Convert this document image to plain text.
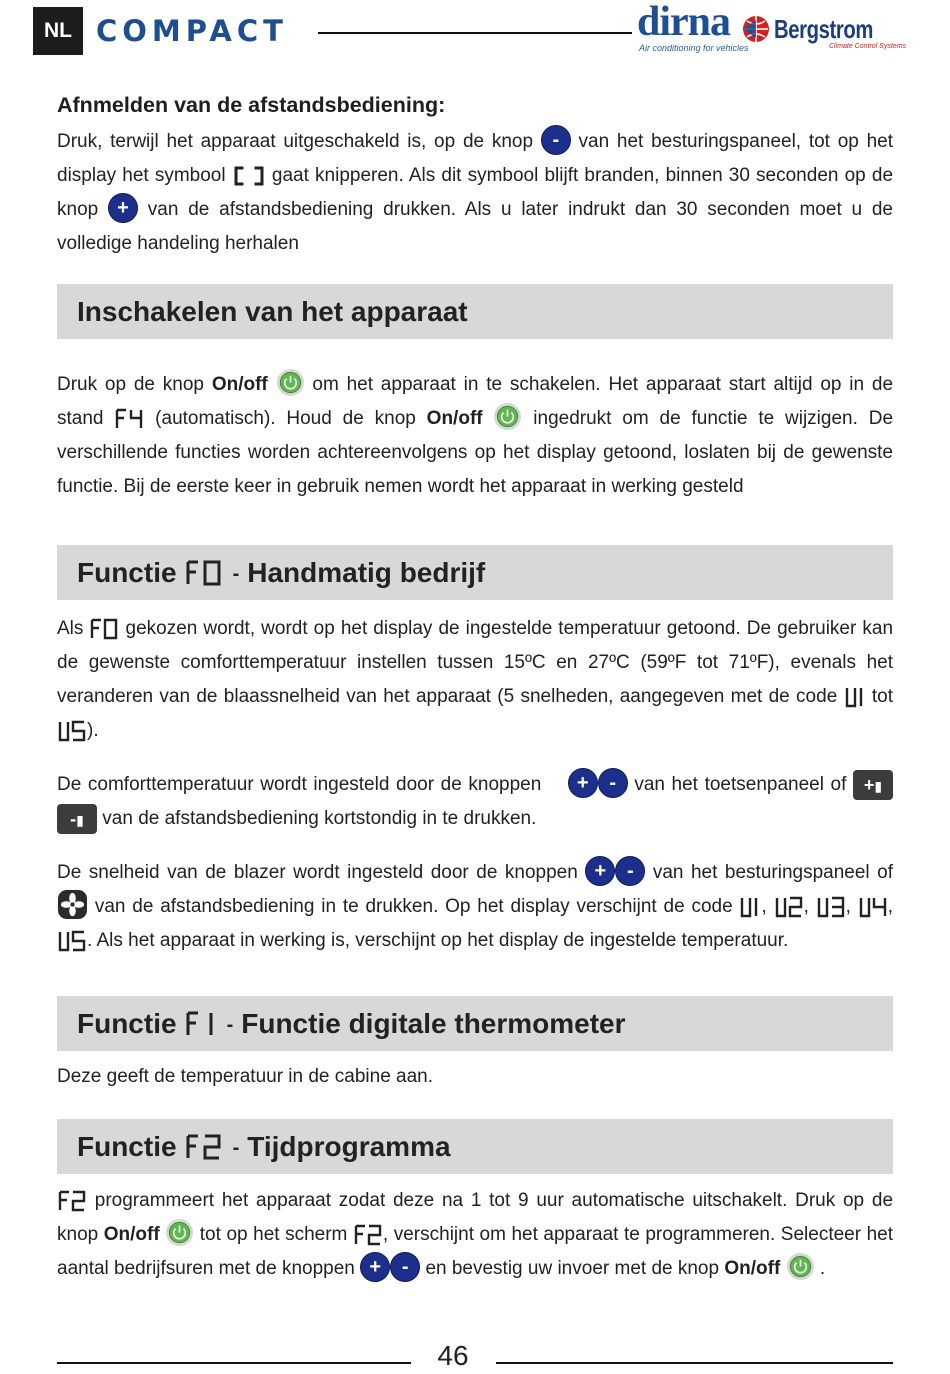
NL COMPACT	dirna
Air conditioning for vehicles
Bergstrom
Climate Control Systems
Afnmelden van de afstandsbediening:

Druk, terwijl het apparaat uitgeschakeld is, op de knop - van het besturingspaneel, tot op het display het symbool gaat knipperen. Als dit symbool blijft branden, binnen 30 seconden op de knop + van de afstandsbediening drukken. Als u later indrukt dan 30 seconden moet u de volledige handeling herhalen

Inschakelen van het apparaat

Druk op de knop On/off om het apparaat in te schakelen. Het apparaat start altijd op in de stand	(automatisch). Houd de knop On/off	ingedrukt om de functie te wijzigen. De verschillende functies worden achtereenvolgens op het display getoond, loslaten bij de gewenste functie. Bij de eerste keer in gebruik nemen wordt het apparaat in werking gesteld

Functie	- Handmatig bedrijf

Als gekozen wordt, wordt op het display de ingestelde temperatuur getoond. De gebruiker kan de gewenste comforttemperatuur instellen tussen 15ºC en 27ºC (59ºF tot 71ºF), evenals het veranderen van de blaassnelheid van het apparaat (5 snelheden, aangegeven met de code tot ).

De comforttemperatuur wordt ingesteld door de knoppen + - van het toetsenpaneel of +▮ -▮ van de afstandsbediening kortstondig in te drukken.

De snelheid van de blazer wordt ingesteld door de knoppen + - van het besturingspaneel of  van de afstandsbediening in te drukken. Op het display verschijnt de code , , , , . Als het apparaat in werking is, verschijnt op het display de ingestelde temperatuur.

Functie	- Functie digitale thermometer

Deze geeft de temperatuur in de cabine aan.

Functie	- Tijdprogramma

programmeert het apparaat zodat deze na 1 tot 9 uur automatische uitschakelt. Druk op de knop On/off tot op het scherm , verschijnt om het apparaat te programmeren. Selecteer het aantal bedrijfsuren met de knoppen + - en bevestig uw invoer met de knop On/off .

46
